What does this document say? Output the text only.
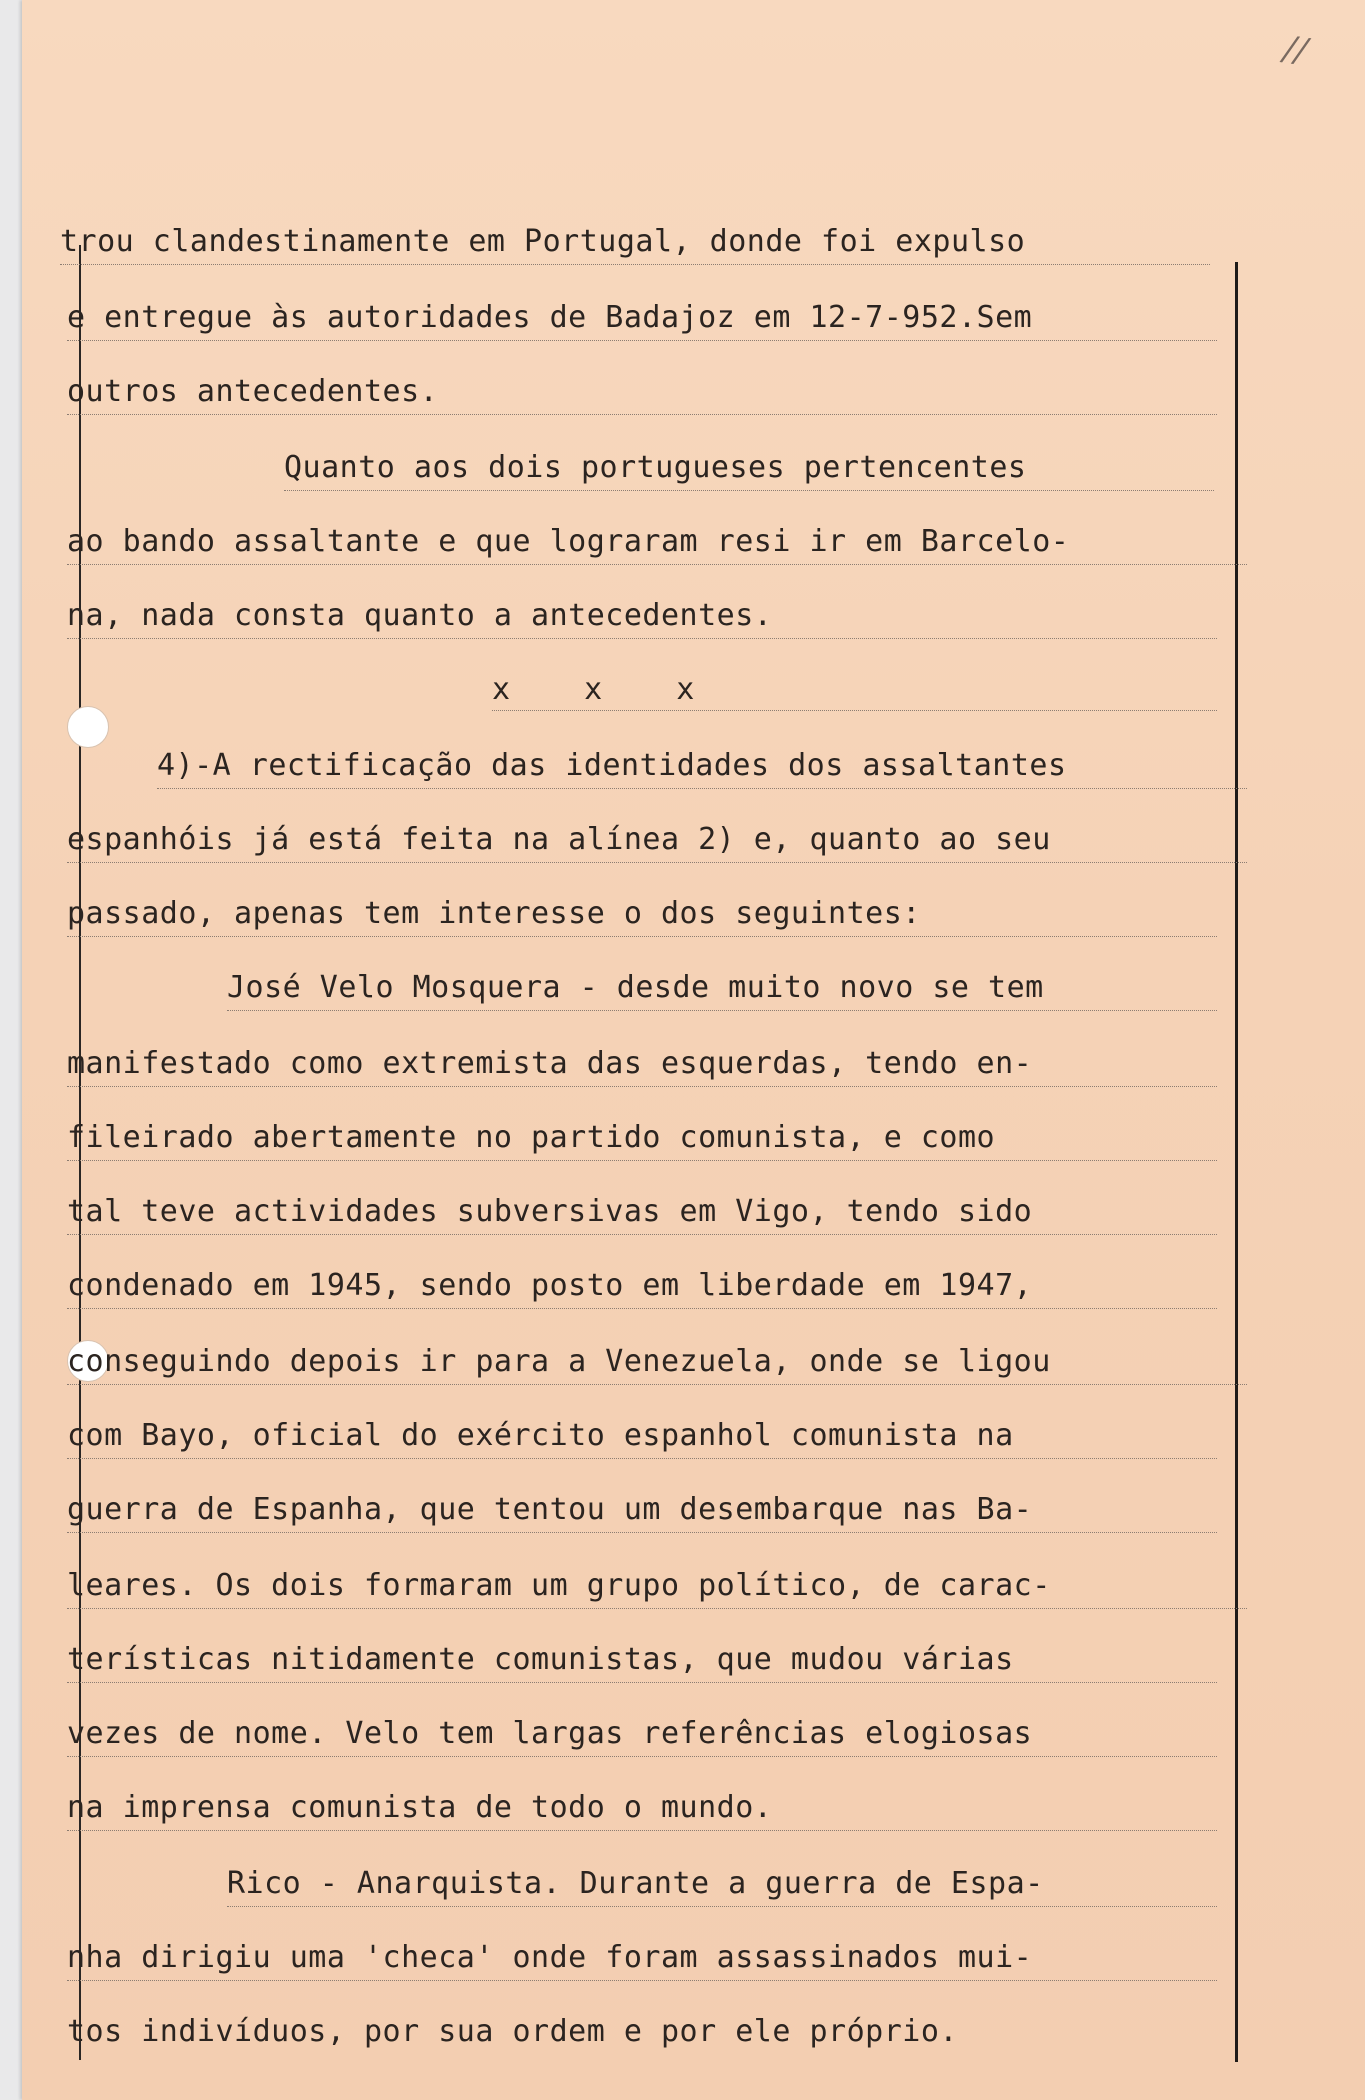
//
trou clandestinamente em Portugal, donde foi expulso
e entregue às autoridades de Badajoz em 12-7-952.Sem
outros antecedentes.
Quanto aos dois portugueses pertencentes
ao bando assaltante e que lograram resi ir em Barcelo-
na, nada consta quanto a antecedentes.
x x x
4)-A rectificação das identidades dos assaltantes
espanhóis já está feita na alínea 2) e, quanto ao seu
passado, apenas tem interesse o dos seguintes:
José Velo Mosquera - desde muito novo se tem
manifestado como extremista das esquerdas, tendo en-
fileirado abertamente no partido comunista, e como
tal teve actividades subversivas em Vigo, tendo sido
condenado em 1945, sendo posto em liberdade em 1947,
conseguindo depois ir para a Venezuela, onde se ligou
com Bayo, oficial do exército espanhol comunista na
guerra de Espanha, que tentou um desembarque nas Ba-
leares. Os dois formaram um grupo político, de carac-
terísticas nitidamente comunistas, que mudou várias
vezes de nome. Velo tem largas referências elogiosas
na imprensa comunista de todo o mundo.
Rico - Anarquista. Durante a guerra de Espa-
nha dirigiu uma 'checa' onde foram assassinados mui-
tos indivíduos, por sua ordem e por ele próprio.
